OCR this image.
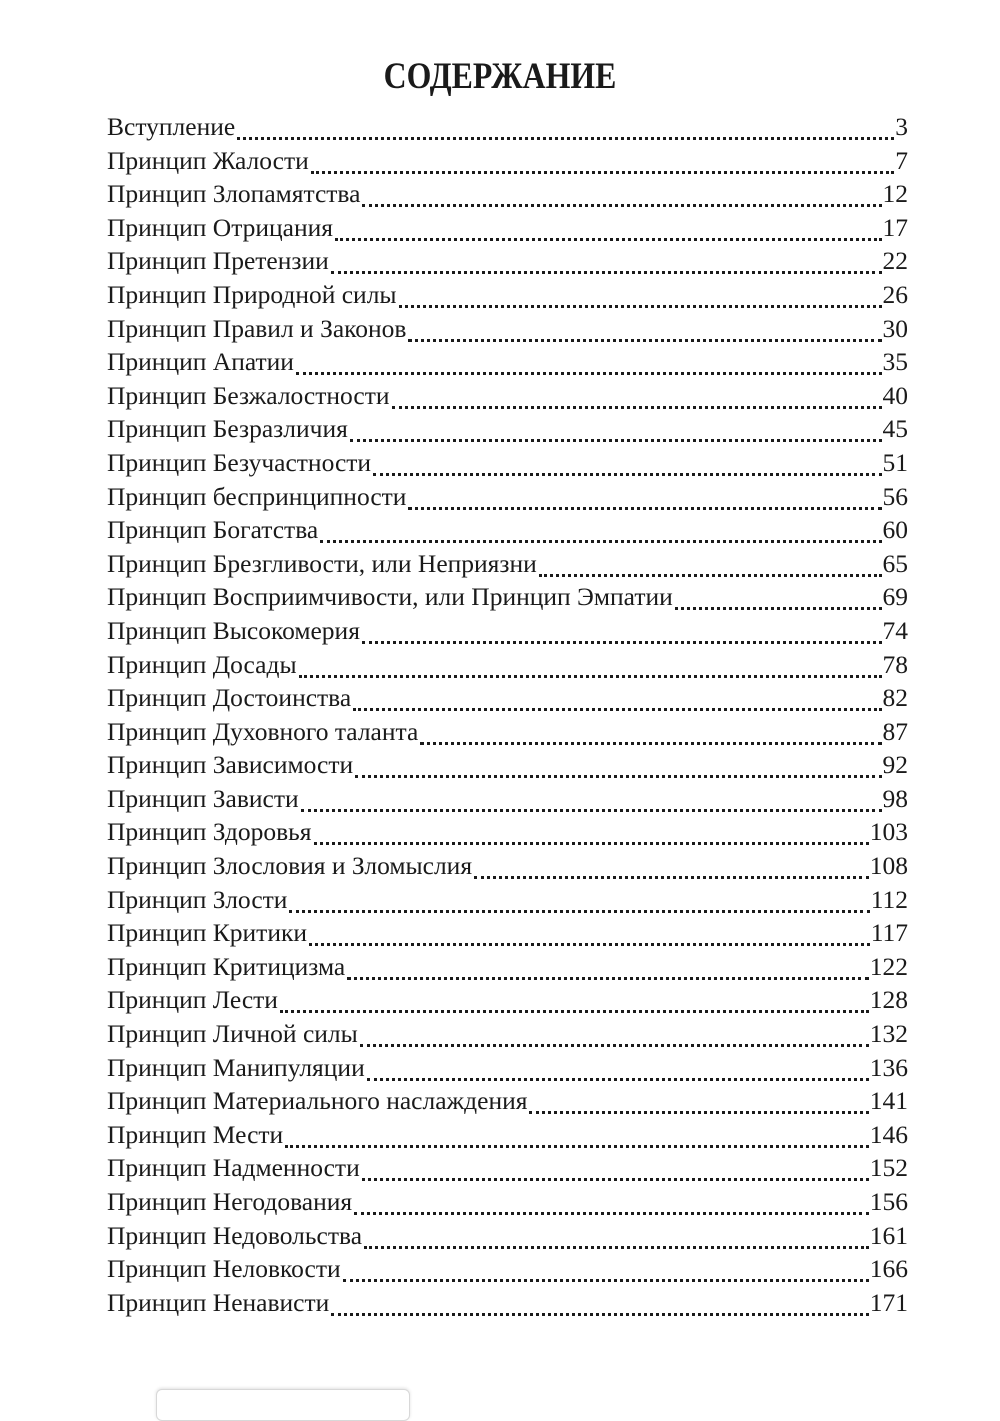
СОДЕРЖАНИЕ
Вступление	3
Принцип Жалости	7
Принцип Злопамятства	12
Принцип Отрицания	17
Принцип Претензии	22
Принцип Природной силы	26
Принцип Правил и Законов	30
Принцип Апатии	35
Принцип Безжалостности	40
Принцип Безразличия	45
Принцип Безучастности	51
Принцип беспринципности	56
Принцип Богатства	60
Принцип Брезгливости, или Неприязни	65
Принцип Восприимчивости, или Принцип Эмпатии	69
Принцип Высокомерия	74
Принцип Досады	78
Принцип Достоинства	82
Принцип Духовного таланта	87
Принцип Зависимости	92
Принцип Зависти	98
Принцип Здоровья	103
Принцип Злословия и Зломыслия	108
Принцип Злости	112
Принцип Критики	117
Принцип Критицизма	122
Принцип Лести	128
Принцип Личной силы	132
Принцип Манипуляции	136
Принцип Материального наслаждения	141
Принцип Мести	146
Принцип Надменности	152
Принцип Негодования	156
Принцип Недовольства	161
Принцип Неловкости	166
Принцип Ненависти	171
